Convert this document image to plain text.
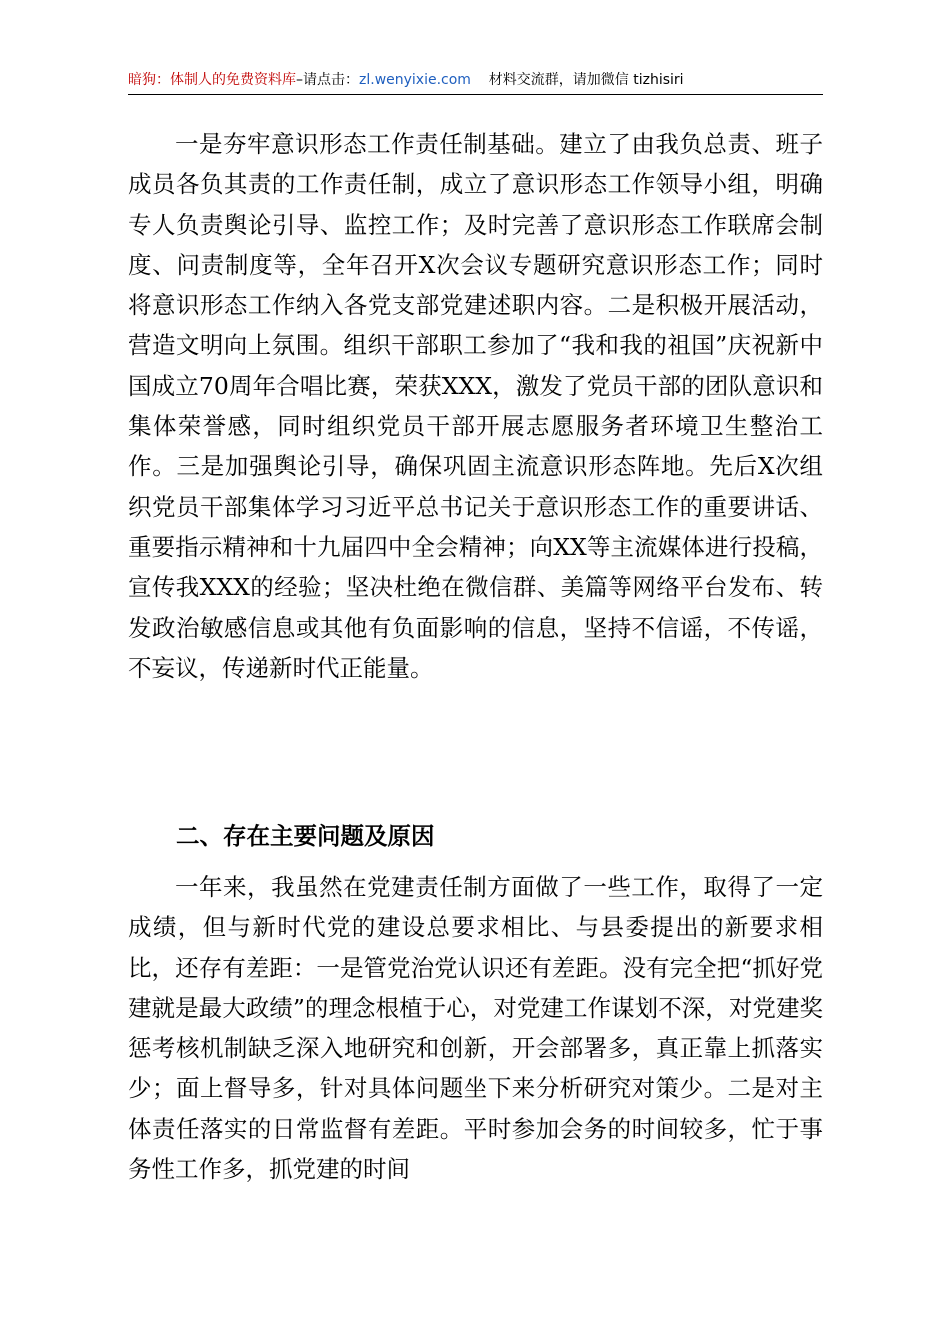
暗狗：体制人的免费资料库–请点击：zl.wenyixie.com 材料交流群，请加微信 tizhisiri

一是夯牢意识形态工作责任制基础。建立了由我负总责、班子成员各负其责的工作责任制，成立了意识形态工作领导小组，明确专人负责舆论引导、监控工作；及时完善了意识形态工作联席会制度、问责制度等，全年召开X次会议专题研究意识形态工作；同时将意识形态工作纳入各党支部党建述职内容。二是积极开展活动，营造文明向上氛围。组织干部职工参加了“我和我的祖国”庆祝新中国成立70周年合唱比赛，荣获XXX，激发了党员干部的团队意识和集体荣誉感，同时组织党员干部开展志愿服务者环境卫生整治工作。三是加强舆论引导，确保巩固主流意识形态阵地。先后X次组织党员干部集体学习习近平总书记关于意识形态工作的重要讲话、重要指示精神和十九届四中全会精神；向XX等主流媒体进行投稿，宣传我XXX的经验；坚决杜绝在微信群、美篇等网络平台发布、转发政治敏感信息或其他有负面影响的信息，坚持不信谣，不传谣，不妄议，传递新时代正能量。

二、存在主要问题及原因

一年来，我虽然在党建责任制方面做了一些工作，取得了一定成绩，但与新时代党的建设总要求相比、与县委提出的新要求相比，还存有差距：一是管党治党认识还有差距。没有完全把“抓好党建就是最大政绩”的理念根植于心，对党建工作谋划不深，对党建奖惩考核机制缺乏深入地研究和创新，开会部署多，真正靠上抓落实少；面上督导多，针对具体问题坐下来分析研究对策少。二是对主体责任落实的日常监督有差距。平时参加会务的时间较多，忙于事务性工作多，抓党建的时间
